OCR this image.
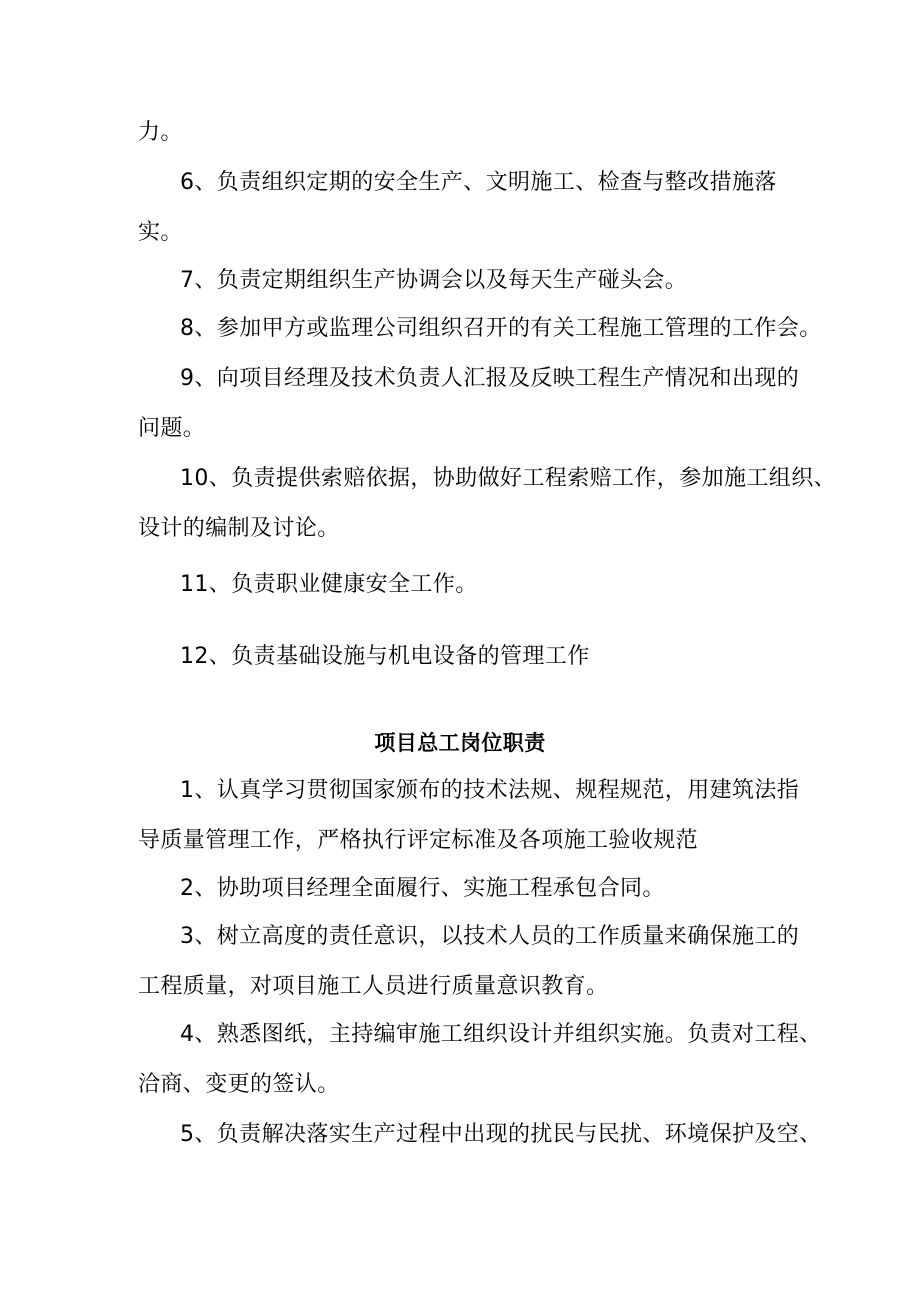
力。
6、负责组织定期的安全生产、文明施工、检查与整改措施落
实。
7、负责定期组织生产协调会以及每天生产碰头会。
8、参加甲方或监理公司组织召开的有关工程施工管理的工作会。
9、向项目经理及技术负责人汇报及反映工程生产情况和出现的
问题。
10、负责提供索赔依据，协助做好工程索赔工作，参加施工组织、
设计的编制及讨论。
11、负责职业健康安全工作。
12、负责基础设施与机电设备的管理工作
项目总工岗位职责
1、认真学习贯彻国家颁布的技术法规、规程规范，用建筑法指
导质量管理工作，严格执行评定标准及各项施工验收规范
2、协助项目经理全面履行、实施工程承包合同。
3、树立高度的责任意识，以技术人员的工作质量来确保施工的
工程质量，对项目施工人员进行质量意识教育。
4、熟悉图纸，主持编审施工组织设计并组织实施。负责对工程、
洽商、变更的签认。
5、负责解决落实生产过程中出现的扰民与民扰、环境保护及空、
